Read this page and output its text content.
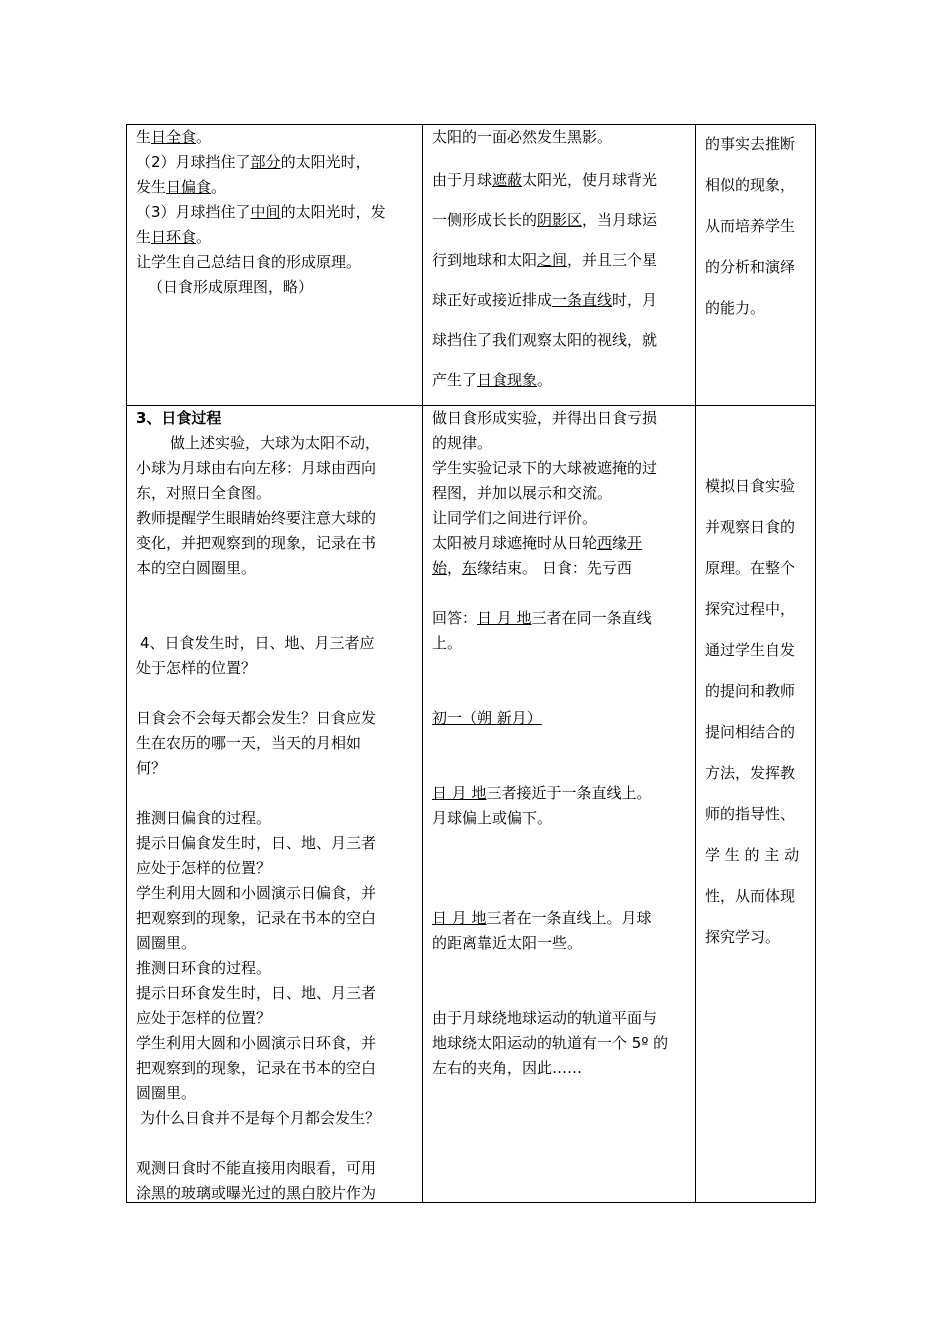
生日全食。
（2）月球挡住了部分的太阳光时，
发生日偏食。
（3）月球挡住了中间的太阳光时，发
生日环食。
让学生自己总结日食的形成原理。
（日食形成原理图，略）
太阳的一面必然发生黑影。
由于月球遮蔽太阳光，使月球背光
一侧形成长长的阴影区，当月球运
行到地球和太阳之间，并且三个星
球正好或接近排成一条直线时，月
球挡住了我们观察太阳的视线，就
产生了日食现象。
的事实去推断
相似的现象，
从而培养学生
的分析和演绎
的能力。
3、日食过程
做上述实验，大球为太阳不动，
小球为月球由右向左移：月球由西向
东，对照日全食图。
教师提醒学生眼睛始终要注意大球的
变化，并把观察到的现象，记录在书
本的空白圆圈里。
4、日食发生时，日、地、月三者应
处于怎样的位置？
日食会不会每天都会发生？日食应发
生在农历的哪一天，当天的月相如
何？
推测日偏食的过程。
提示日偏食发生时，日、地、月三者
应处于怎样的位置？
学生利用大圆和小圆演示日偏食，并
把观察到的现象，记录在书本的空白
圆圈里。
推测日环食的过程。
提示日环食发生时，日、地、月三者
应处于怎样的位置？
学生利用大圆和小圆演示日环食，并
把观察到的现象，记录在书本的空白
圆圈里。
为什么日食并不是每个月都会发生？
观测日食时不能直接用肉眼看，可用
涂黑的玻璃或曝光过的黑白胶片作为
做日食形成实验，并得出日食亏损
的规律。
学生实验记录下的大球被遮掩的过
程图，并加以展示和交流。
让同学们之间进行评价。
太阳被月球遮掩时从日轮西缘开
始，东缘结束。 日食：先亏西
回答：日 月 地三者在同一条直线
上。
初一（朔 新月）
日 月 地三者接近于一条直线上。
月球偏上或偏下。
日 月 地三者在一条直线上。月球
的距离靠近太阳一些。
由于月球绕地球运动的轨道平面与
地球绕太阳运动的轨道有一个 5º 的
左右的夹角，因此……
模拟日食实验
并观察日食的
原理。在整个
探究过程中，
通过学生自发
的提问和教师
提问相结合的
方法，发挥教
师的指导性、
学 生 的 主 动
性，从而体现
探究学习。
